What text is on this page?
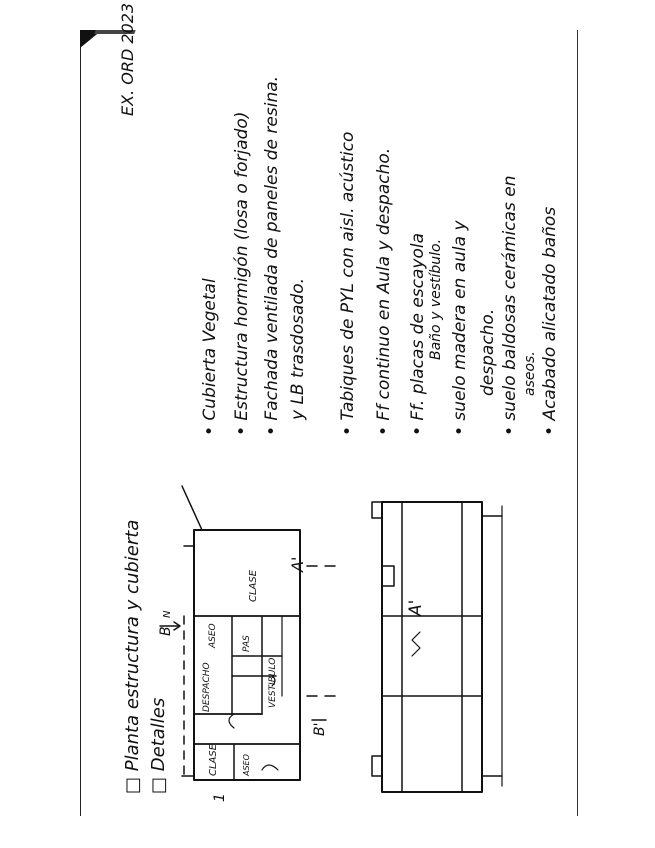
EX. ORD 2023
□ Planta estructura y cubierta
□ Detalles
• Cubierta Vegetal
• Estructura hormigón (losa o forjado)
• Fachada ventilada de paneles de resina. y LB trasdosado.
• Tabiques de PYL con aisl. acústico
• Ff continuo en Aula y despacho.
• Ff. placas de escayola Baño y vestíbulo.
• suelo madera en aula y despacho.
• suelo baldosas cerámicas en aseos.
• Acabado alicatado baños
CLASE
DESPACHO
ASEO
VESTIBULO
PAS
CLASE
ASEO
A'
A'
B
B'
1
N
